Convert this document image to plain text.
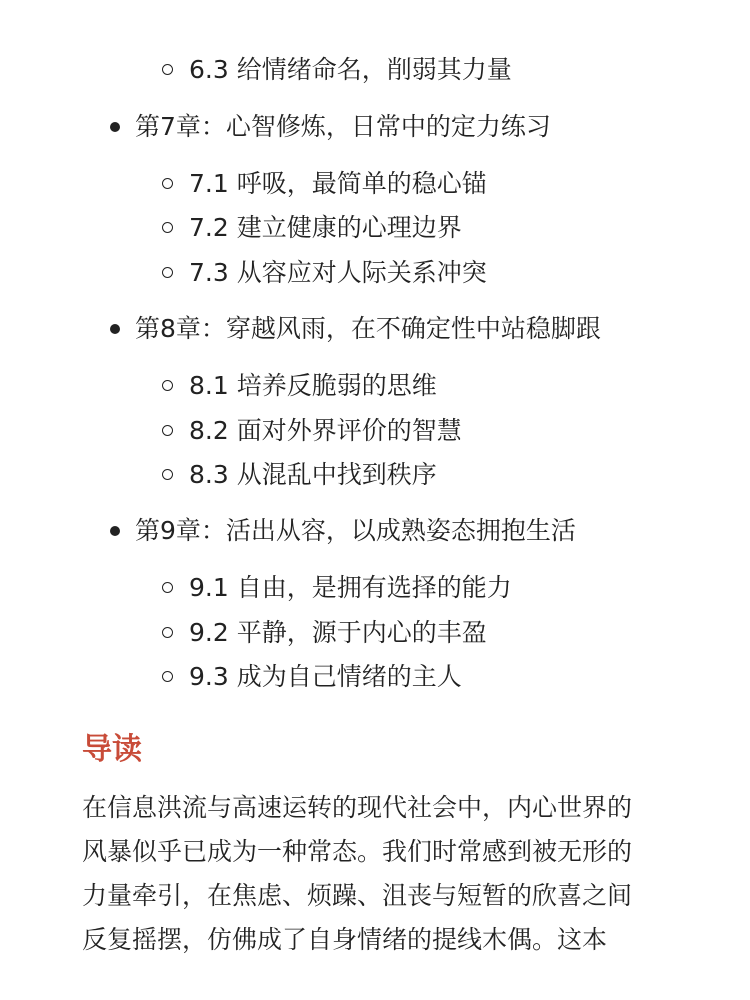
6.3 给情绪命名，削弱其力量
第7章：心智修炼，日常中的定力练习
7.1 呼吸，最简单的稳心锚
7.2 建立健康的心理边界
7.3 从容应对人际关系冲突
第8章：穿越风雨，在不确定性中站稳脚跟
8.1 培养反脆弱的思维
8.2 面对外界评价的智慧
8.3 从混乱中找到秩序
第9章：活出从容，以成熟姿态拥抱生活
9.1 自由，是拥有选择的能力
9.2 平静，源于内心的丰盈
9.3 成为自己情绪的主人
导读
在信息洪流与高速运转的现代社会中，内心世界的
风暴似乎已成为一种常态。我们时常感到被无形的
力量牵引，在焦虑、烦躁、沮丧与短暂的欣喜之间
反复摇摆，仿佛成了自身情绪的提线木偶。这本
